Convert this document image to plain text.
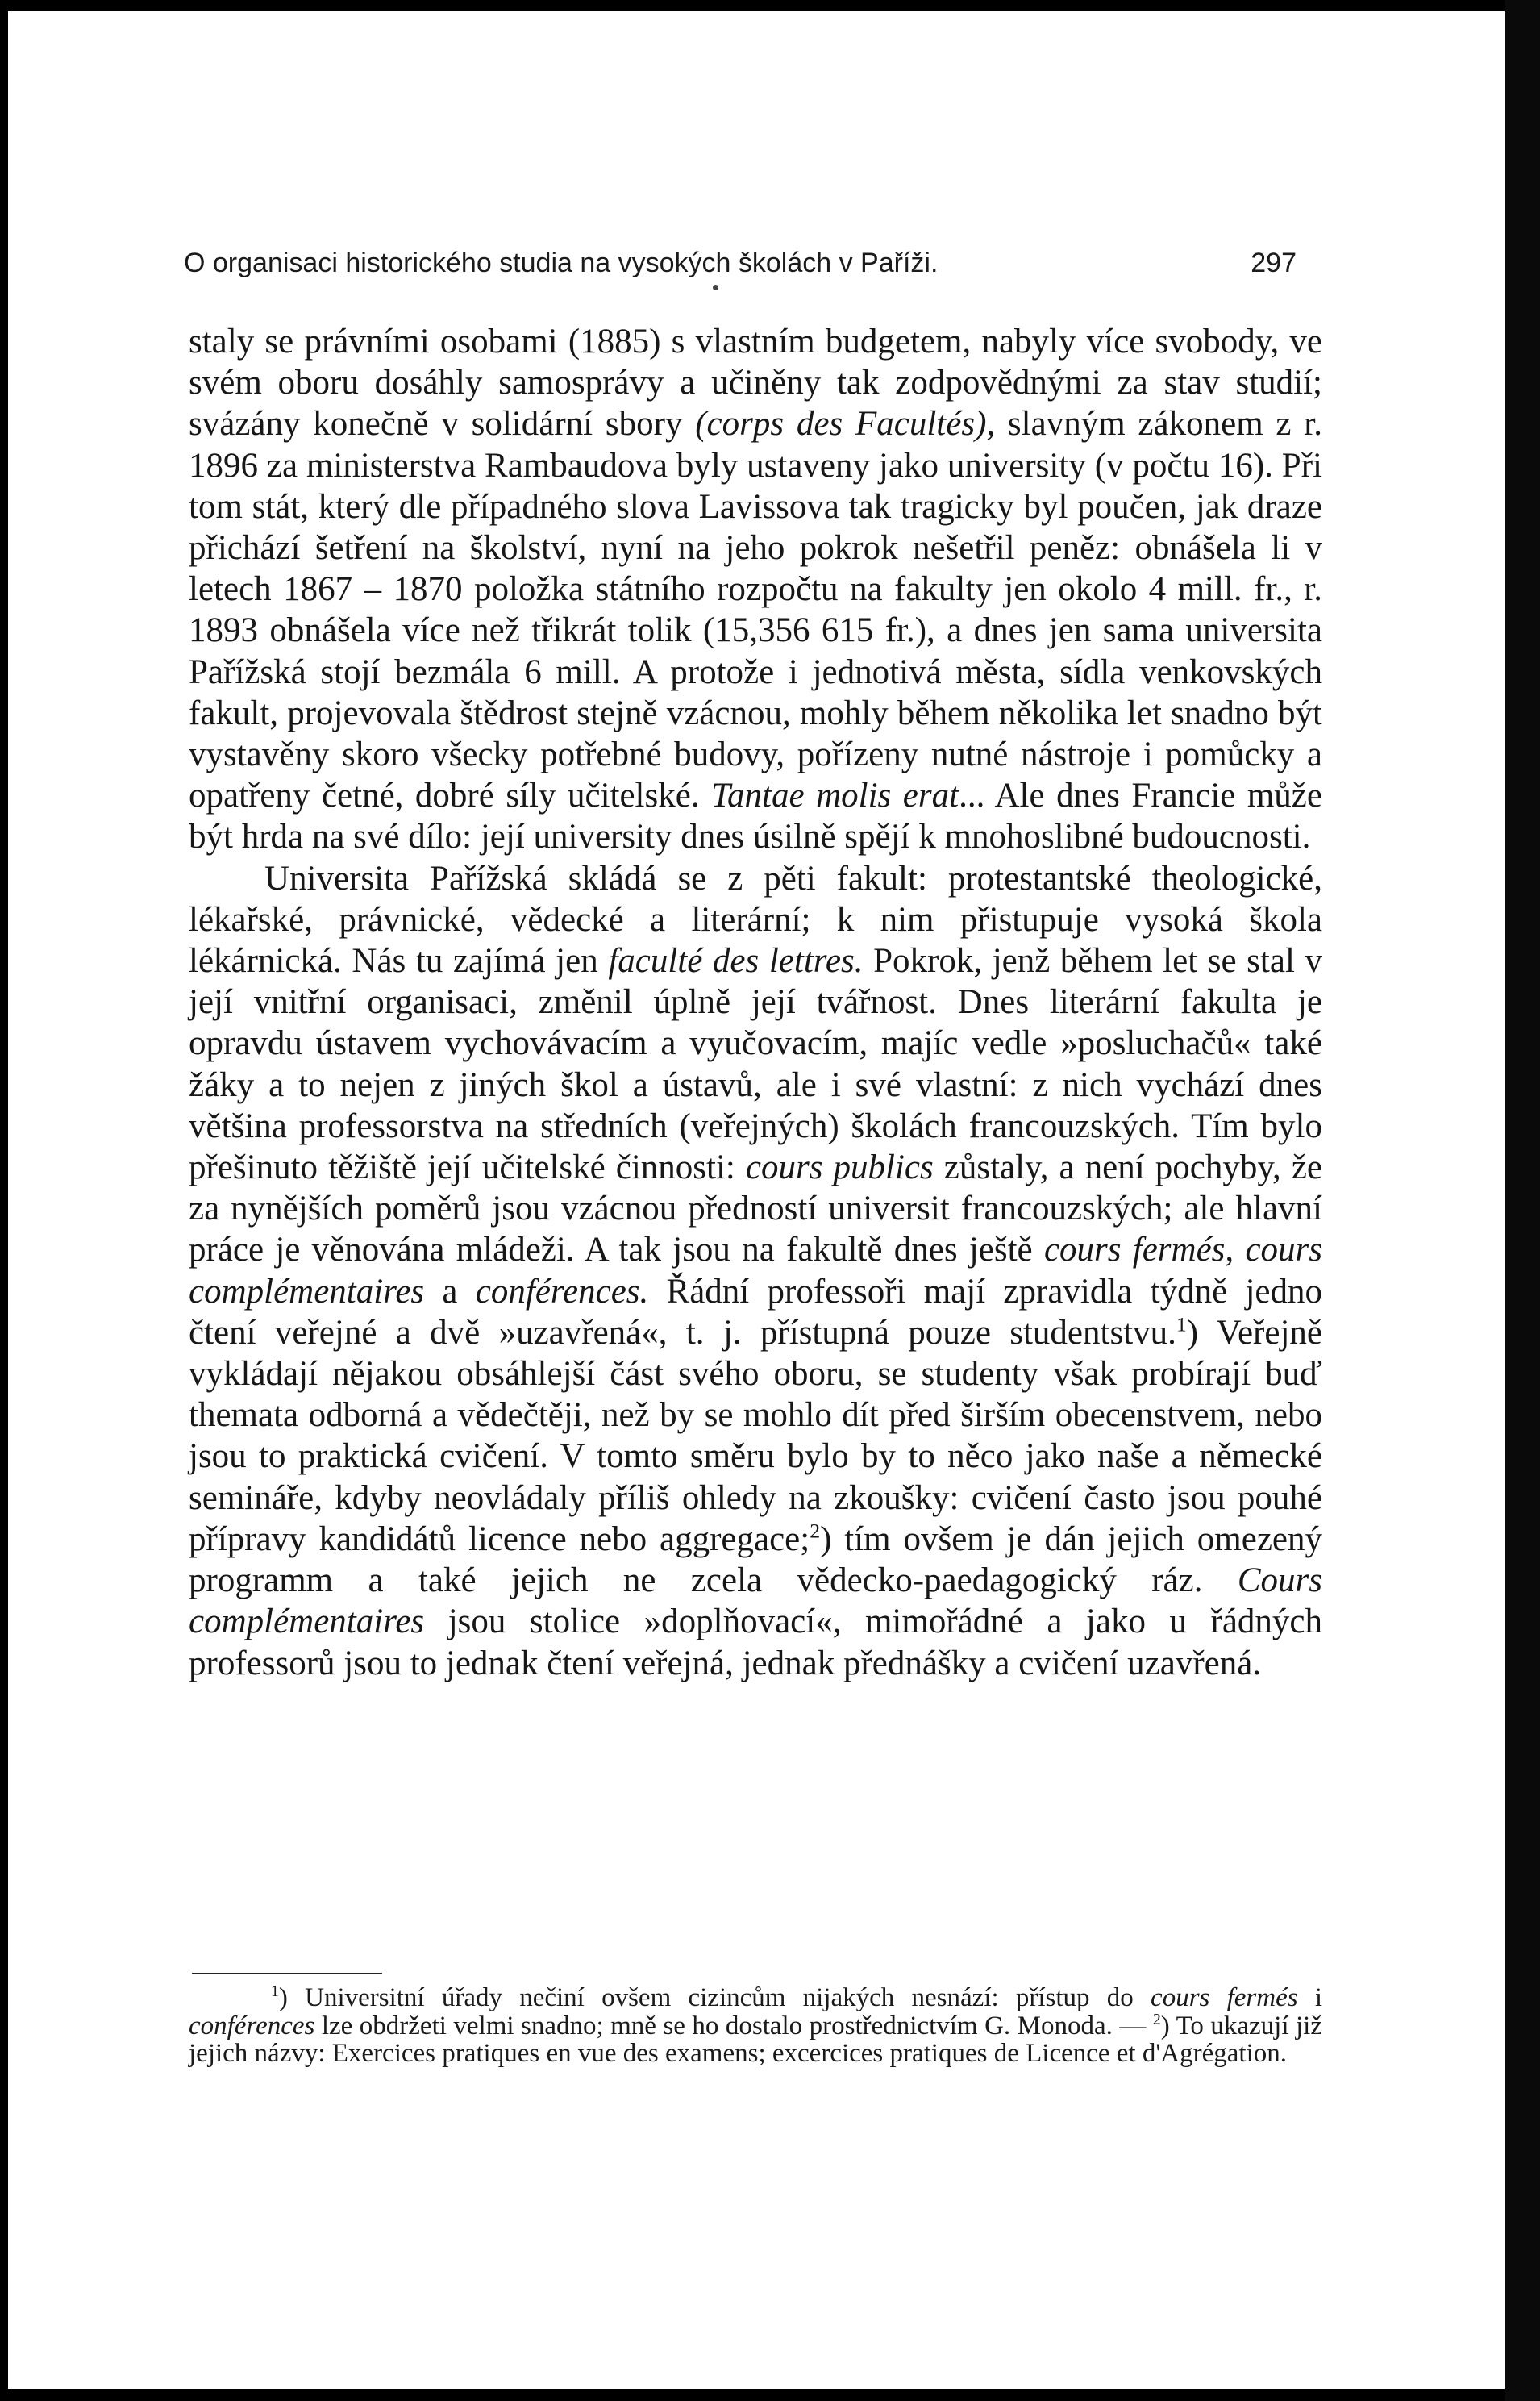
O organisaci historického studia na vysokých školách v Paříži.	297

staly se právními osobami (1885) s vlastním budgetem, nabyly více svobody, ve svém oboru dosáhly samosprávy a učiněny tak zodpovědnými za stav studií; svázány konečně v solidární sbory (corps des Facultés), slavným zákonem z r. 1896 za ministerstva Rambaudova byly ustaveny jako university (v počtu 16). Při tom stát, který dle případného slova Lavissova tak tragicky byl poučen, jak draze přichází šetření na školství, nyní na jeho pokrok nešetřil peněz: obnášela li v letech 1867 – 1870 položka státního rozpočtu na fakulty jen okolo 4 mill. fr., r. 1893 obnášela více než třikrát tolik (15,356 615 fr.), a dnes jen sama universita Pařížská stojí bezmála 6 mill. A protože i jednotivá města, sídla venkovských fakult, projevovala štědrost stejně vzácnou, mohly během několika let snadno být vystavěny skoro všecky potřebné budovy, pořízeny nutné nástroje i pomůcky a opatřeny četné, dobré síly učitelské. Tantae molis erat... Ale dnes Francie může být hrda na své dílo: její university dnes úsilně spějí k mnohoslibné budoucnosti.

Universita Pařížská skládá se z pěti fakult: protestantské theologické, lékařské, právnické, vědecké a literární; k nim přistupuje vysoká škola lékárnická. Nás tu zajímá jen faculté des lettres. Pokrok, jenž během let se stal v její vnitřní organisaci, změnil úplně její tvářnost. Dnes literární fakulta je opravdu ústavem vychovávacím a vyučovacím, majíc vedle »posluchačů« také žáky a to nejen z jiných škol a ústavů, ale i své vlastní: z nich vychází dnes většina professorstva na středních (veřejných) školách francouzských. Tím bylo přešinuto těžiště její učitelské činnosti: cours publics zůstaly, a není pochyby, že za nynějších poměrů jsou vzácnou předností universit francouzských; ale hlavní práce je věnována mládeži. A tak jsou na fakultě dnes ještě cours fermés, cours complémentaires a conférences. Řádní professoři mají zpravidla týdně jedno čtení veřejné a dvě »uzavřená«, t. j. přístupná pouze studentstvu.$^1$) Veřejně vykládají nějakou obsáhlejší část svého oboru, se studenty však probírají buď themata odborná a vědečtěji, než by se mohlo dít před širším obecenstvem, nebo jsou to praktická cvičení. V tomto směru bylo by to něco jako naše a německé semináře, kdyby neovládaly příliš ohledy na zkoušky: cvičení často jsou pouhé přípravy kandidátů licence nebo aggregace;$^2$) tím ovšem je dán jejich omezený programm a také jejich ne zcela vědecko-paedagogický ráz. Cours complémentaires jsou stolice »doplňovací«, mimořádné a jako u řádných professorů jsou to jednak čtení veřejná, jednak přednášky a cvičení uzavřená.

$^1$) Universitní úřady nečiní ovšem cizincům nijakých nesnází: přístup do cours fermés i conférences lze obdržeti velmi snadno; mně se ho dostalo prostřednictvím G. Monoda. — $^2$) To ukazují již jejich názvy: Exercices pratiques en vue des examens; excercices pratiques de Licence et d'Agrégation.
